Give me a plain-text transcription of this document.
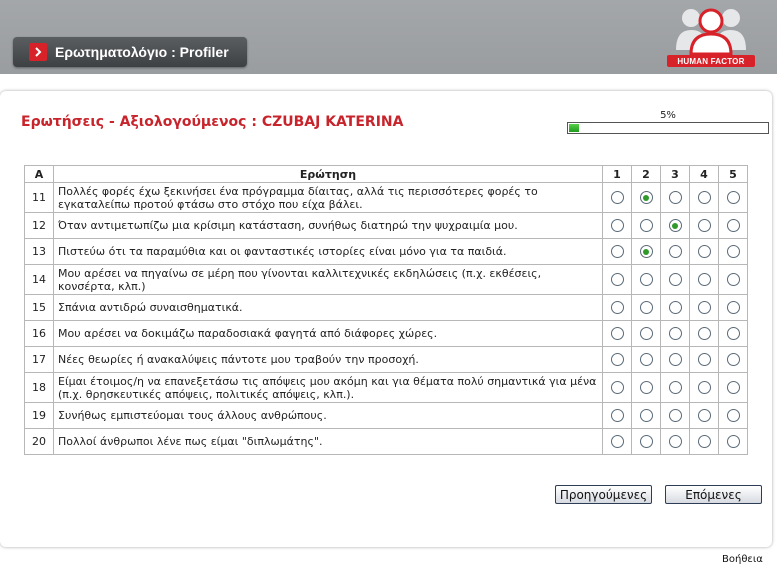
Ερωτηματολόγιο : Profiler
HUMAN FACTOR
Ερωτήσεις - Αξιολογούμενος : CZUBAJ KATERINA	5%
A	Ερώτηση	1	2	3	4	5
11	Πολλές φορές έχω ξεκινήσει ένα πρόγραμμα δίαιτας, αλλά τις περισσότερες φορές το εγκαταλείπω προτού φτάσω στο στόχο που είχα βάλει.					
12	Όταν αντιμετωπίζω μια κρίσιμη κατάσταση, συνήθως διατηρώ την ψυχραιμία μου.					
13	Πιστεύω ότι τα παραμύθια και οι φανταστικές ιστορίες είναι μόνο για τα παιδιά.					
14	Μου αρέσει να πηγαίνω σε μέρη που γίνονται καλλιτεχνικές εκδηλώσεις (π.χ. εκθέσεις, κονσέρτα, κλπ.)					
15	Σπάνια αντιδρώ συναισθηματικά.					
16	Μου αρέσει να δοκιμάζω παραδοσιακά φαγητά από διάφορες χώρες.					
17	Νέες θεωρίες ή ανακαλύψεις πάντοτε μου τραβούν την προσοχή.					
18	Είμαι έτοιμος/η να επανεξετάσω τις απόψεις μου ακόμη και για θέματα πολύ σημαντικά για μένα (π.χ. θρησκευτικές απόψεις, πολιτικές απόψεις, κλπ.).					
19	Συνήθως εμπιστεύομαι τους άλλους ανθρώπους.					
20	Πολλοί άνθρωποι λένε πως είμαι "διπλωμάτης".					
Προηγούμενες	Επόμενες
Βοήθεια
